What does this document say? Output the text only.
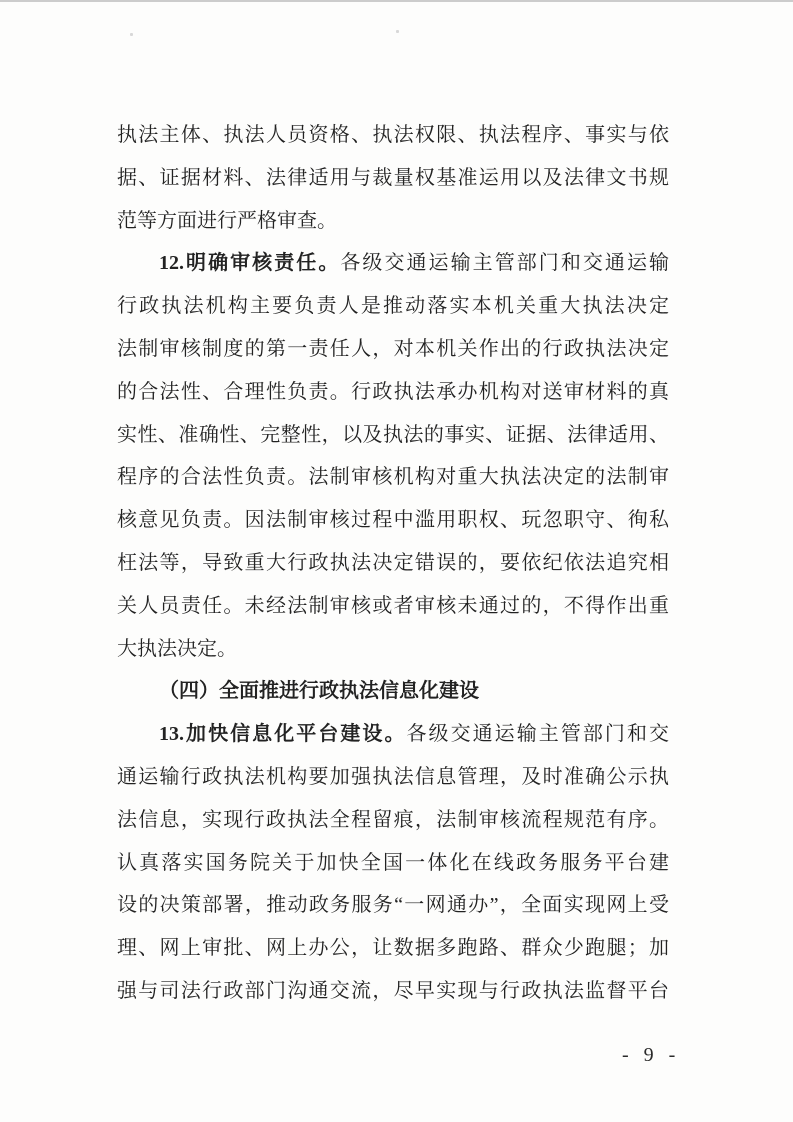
执法主体、执法人员资格、执法权限、执法程序、事实与依
据、证据材料、法律适用与裁量权基准运用以及法律文书规
范等方面进行严格审查。
12.明确审核责任。各级交通运输主管部门和交通运输
行政执法机构主要负责人是推动落实本机关重大执法决定
法制审核制度的第一责任人，对本机关作出的行政执法决定
的合法性、合理性负责。行政执法承办机构对送审材料的真
实性、准确性、完整性，以及执法的事实、证据、法律适用、
程序的合法性负责。法制审核机构对重大执法决定的法制审
核意见负责。因法制审核过程中滥用职权、玩忽职守、徇私
枉法等，导致重大行政执法决定错误的，要依纪依法追究相
关人员责任。未经法制审核或者审核未通过的，不得作出重
大执法决定。
（四）全面推进行政执法信息化建设
13.加快信息化平台建设。各级交通运输主管部门和交
通运输行政执法机构要加强执法信息管理，及时准确公示执
法信息，实现行政执法全程留痕，法制审核流程规范有序。
认真落实国务院关于加快全国一体化在线政务服务平台建
设的决策部署，推动政务服务“一网通办”，全面实现网上受
理、网上审批、网上办公，让数据多跑路、群众少跑腿；加
强与司法行政部门沟通交流，尽早实现与行政执法监督平台
- 9 -
